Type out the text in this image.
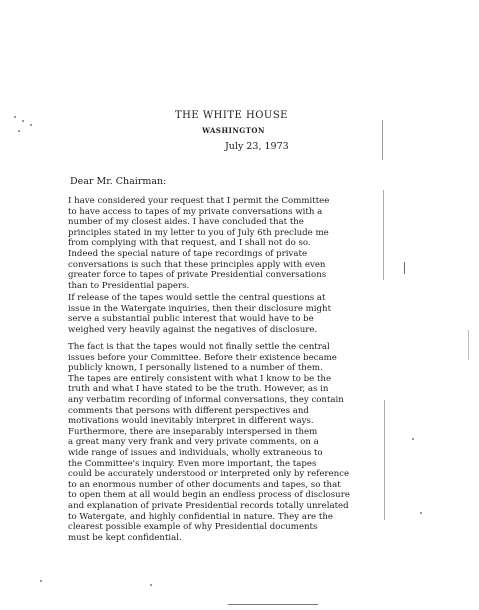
THE WHITE HOUSE
WASHINGTON
July 23, 1973
Dear Mr. Chairman:
I have considered your request that I permit the Committee
to have access to tapes of my private conversations with a
number of my closest aides. I have concluded that the
principles stated in my letter to you of July 6th preclude me
from complying with that request, and I shall not do so.
Indeed the special nature of tape recordings of private
conversations is such that these principles apply with even
greater force to tapes of private Presidential conversations
than to Presidential papers.
If release of the tapes would settle the central questions at
issue in the Watergate inquiries, then their disclosure might
serve a substantial public interest that would have to be
weighed very heavily against the negatives of disclosure.
The fact is that the tapes would not finally settle the central
issues before your Committee. Before their existence became
publicly known, I personally listened to a number of them.
The tapes are entirely consistent with what I know to be the
truth and what I have stated to be the truth. However, as in
any verbatim recording of informal conversations, they contain
comments that persons with different perspectives and
motivations would inevitably interpret in different ways.
Furthermore, there are inseparably interspersed in them
a great many very frank and very private comments, on a
wide range of issues and individuals, wholly extraneous to
the Committee's inquiry. Even more important, the tapes
could be accurately understood or interpreted only by reference
to an enormous number of other documents and tapes, so that
to open them at all would begin an endless process of disclosure
and explanation of private Presidential records totally unrelated
to Watergate, and highly confidential in nature. They are the
clearest possible example of why Presidential documents
must be kept confidential.
